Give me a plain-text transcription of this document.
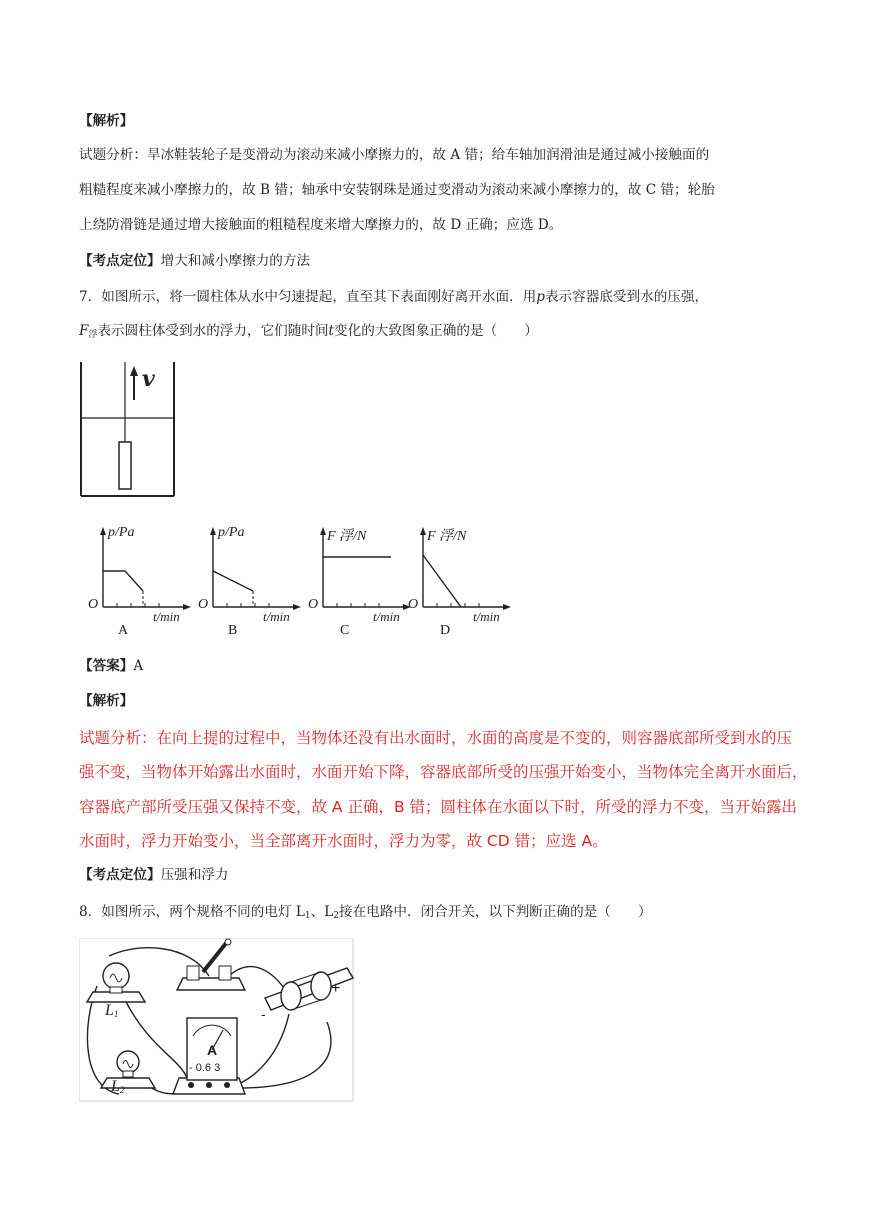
【解析】
试题分析：旱冰鞋装轮子是变滑动为滚动来减小摩擦力的，故 A 错；给车轴加润滑油是通过减小接触面的
粗糙程度来减小摩擦力的，故 B 错；轴承中安装钢珠是通过变滑动为滚动来减小摩擦力的，故 C 错；轮胎
上绕防滑链是通过增大接触面的粗糙程度来增大摩擦力的，故 D 正确；应选 D。
【考点定位】增大和减小摩擦力的方法
7．如图所示，将一圆柱体从水中匀速提起，直至其下表面刚好离开水面．用p表示容器底受到水的压强，
$F_浮$表示圆柱体受到水的浮力，它们随时间t变化的大致图象正确的是（　　）
v
p/Pa
O
t/min
A
p/Pa
O
t/min
B
F 浮/N
O
t/min
C
F 浮/N
O
t/min
D
【答案】A
【解析】
试题分析：在向上提的过程中，当物体还没有出水面时，水面的高度是不变的，则容器底部所受到水的压
强不变，当物体开始露出水面时，水面开始下降，容器底部所受的压强开始变小，当物体完全离开水面后，
容器底产部所受压强又保持不变，故 A 正确，B 错；圆柱体在水面以下时，所受的浮力不变，当开始露出
水面时，浮力开始变小，当全部离开水面时，浮力为零，故 CD 错；应选 A。
【考点定位】压强和浮力
8．如图所示，两个规格不同的电灯 $L_1$、$L_2$接在电路中．闭合开关，以下判断正确的是（　　）
$L_1$
$L_2$
A
- 0.6 3
-
+
